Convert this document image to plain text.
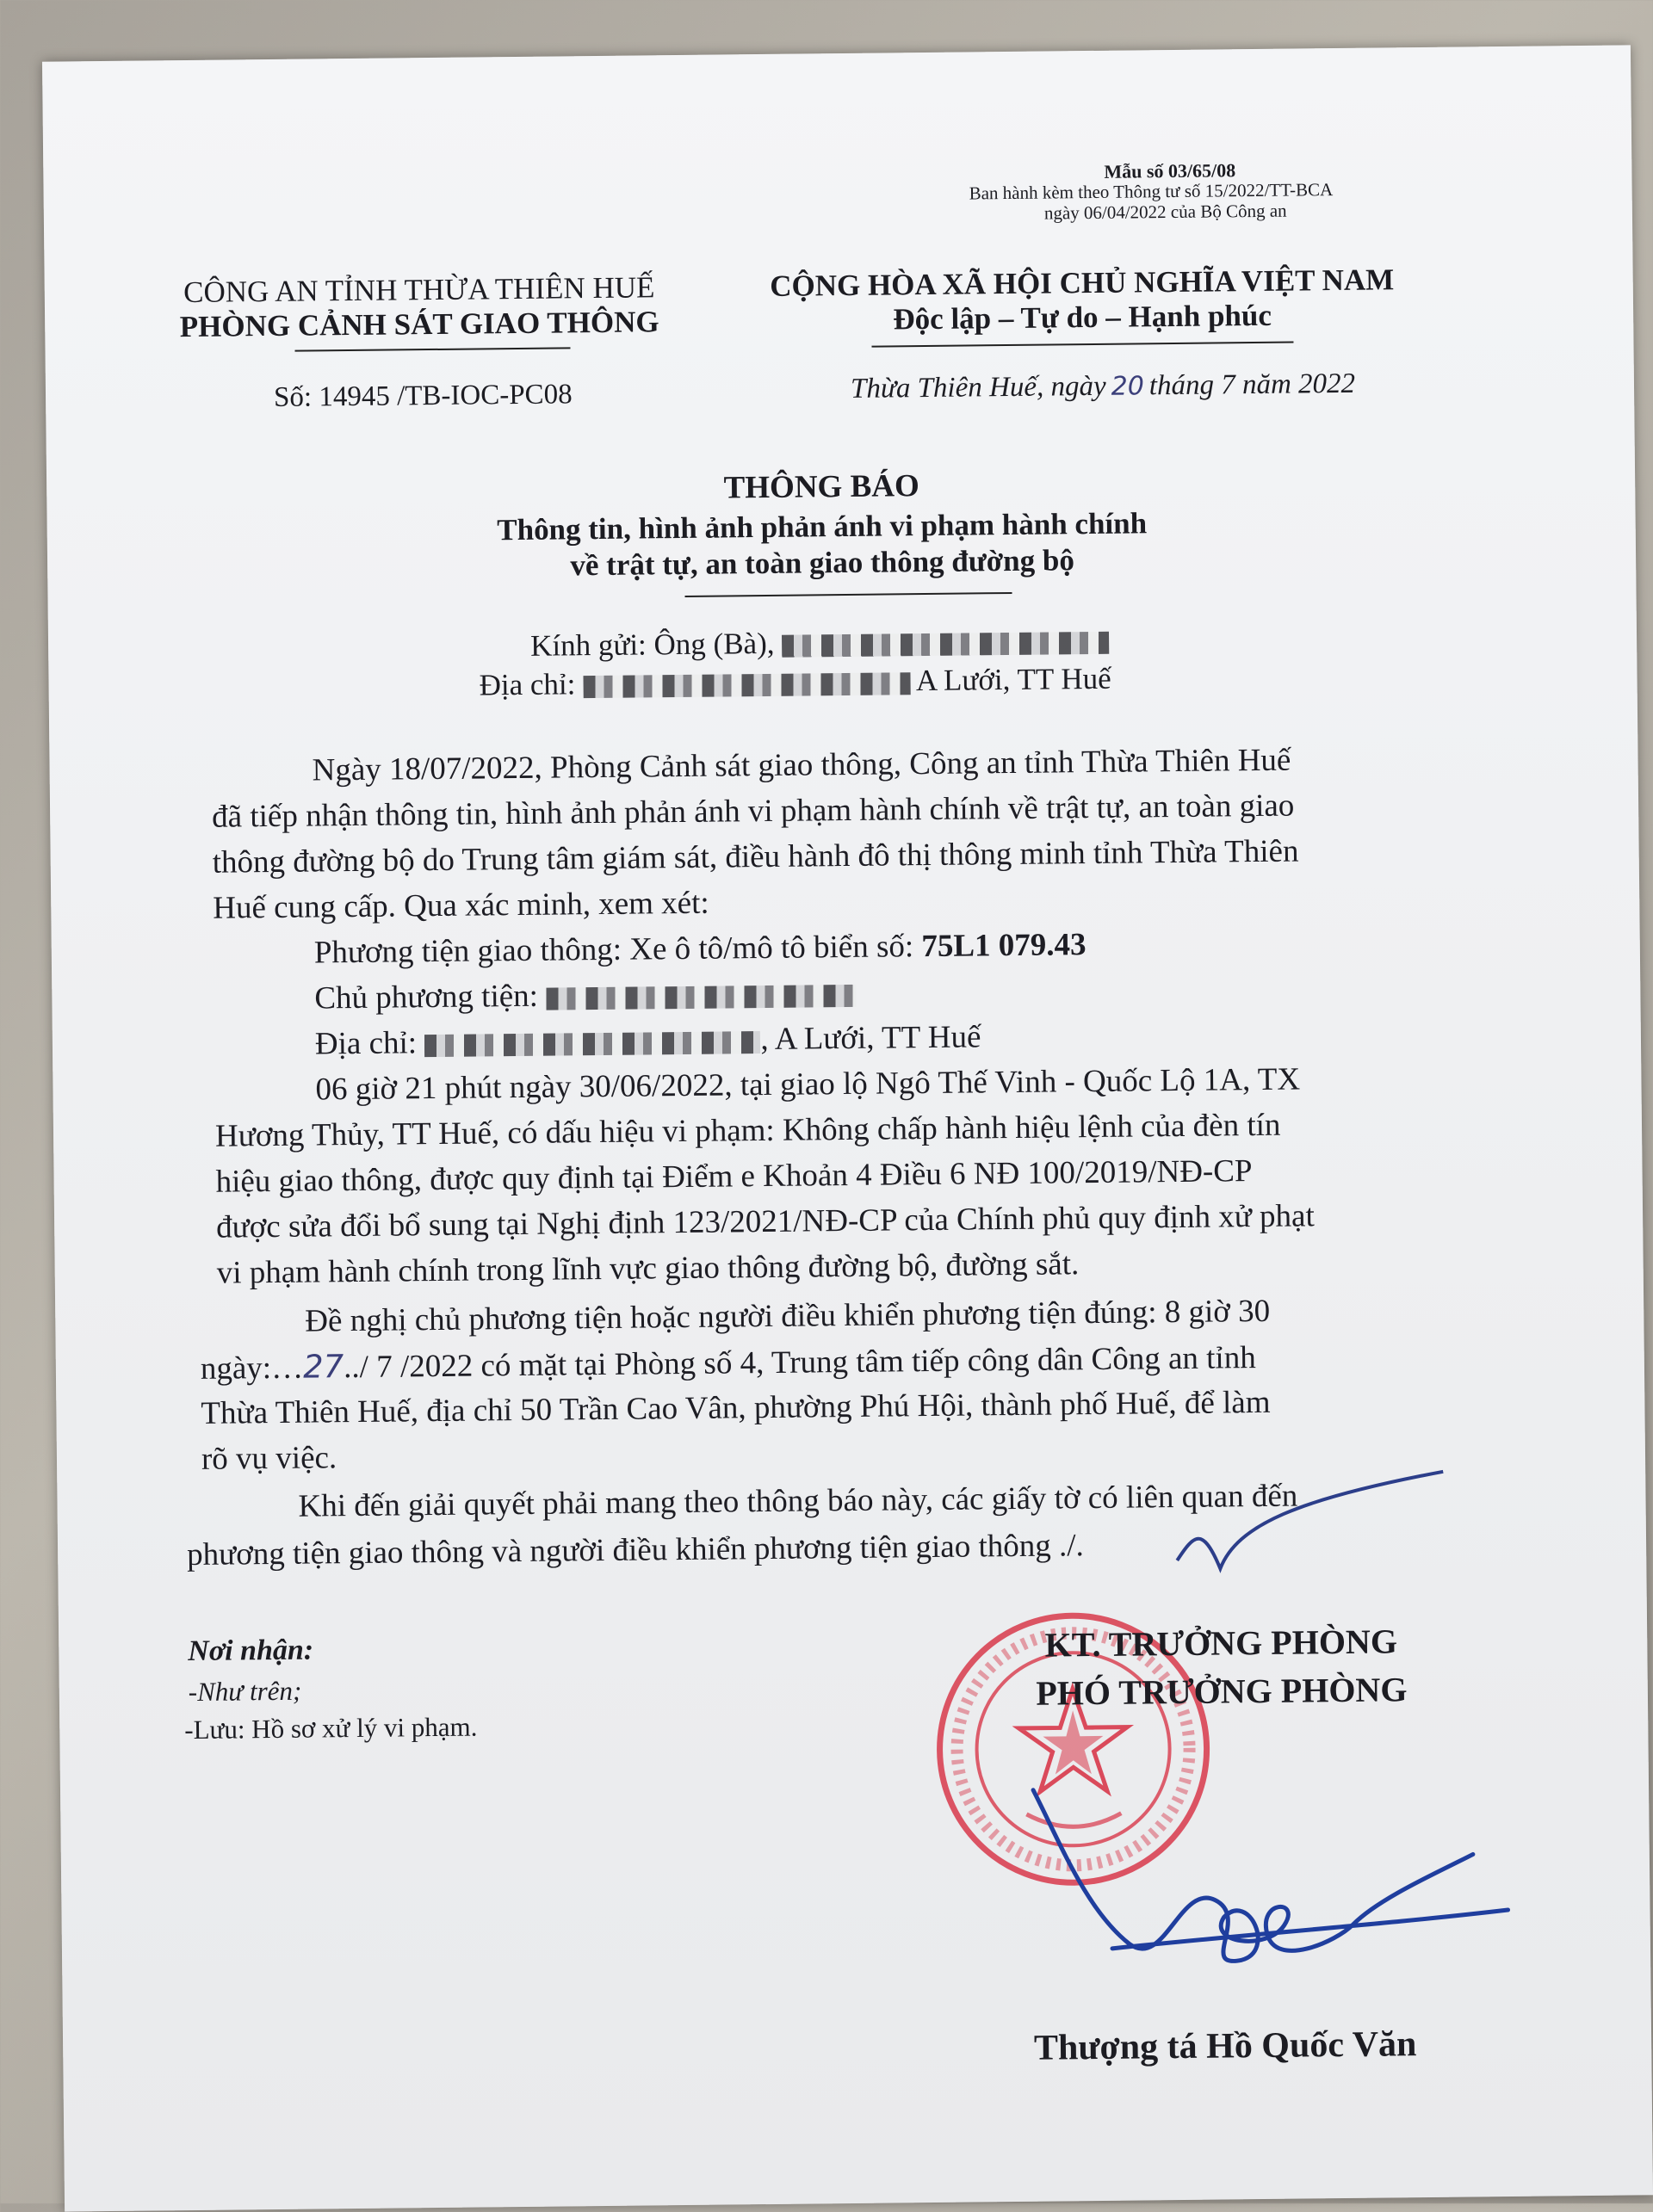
Mẫu số 03/65/08
Ban hành kèm theo Thông tư số 15/2022/TT-BCA
ngày 06/04/2022 của Bộ Công an
CÔNG AN TỈNH THỪA THIÊN HUẾ
PHÒNG CẢNH SÁT GIAO THÔNG
Số: 14945 /TB-IOC-PC08
CỘNG HÒA XÃ HỘI CHỦ NGHĨA VIỆT NAM
Độc lập – Tự do – Hạnh phúc
Thừa Thiên Huế, ngày 20 tháng 7 năm 2022
THÔNG BÁO
Thông tin, hình ảnh phản ánh vi phạm hành chính
về trật tự, an toàn giao thông đường bộ
Kính gửi: Ông (Bà),
Địa chỉ:	A Lưới, TT Huế
Ngày 18/07/2022, Phòng Cảnh sát giao thông, Công an tỉnh Thừa Thiên Huế
đã tiếp nhận thông tin, hình ảnh phản ánh vi phạm hành chính về trật tự, an toàn giao
thông đường bộ do Trung tâm giám sát, điều hành đô thị thông minh tỉnh Thừa Thiên
Huế cung cấp. Qua xác minh, xem xét:
Phương tiện giao thông: Xe ô tô/mô tô biển số: 75L1 079.43
Chủ phương tiện:
Địa chỉ:	, A Lưới, TT Huế
06 giờ 21 phút ngày 30/06/2022, tại giao lộ Ngô Thế Vinh - Quốc Lộ 1A, TX
Hương Thủy, TT Huế, có dấu hiệu vi phạm: Không chấp hành hiệu lệnh của đèn tín
hiệu giao thông, được quy định tại Điểm e Khoản 4 Điều 6 NĐ 100/2019/NĐ-CP
được sửa đổi bổ sung tại Nghị định 123/2021/NĐ-CP của Chính phủ quy định xử phạt
vi phạm hành chính trong lĩnh vực giao thông đường bộ, đường sắt.
Đề nghị chủ phương tiện hoặc người điều khiển phương tiện đúng: 8 giờ 30
ngày:…27../ 7 /2022 có mặt tại Phòng số 4, Trung tâm tiếp công dân Công an tỉnh
Thừa Thiên Huế, địa chỉ 50 Trần Cao Vân, phường Phú Hội, thành phố Huế, để làm
rõ vụ việc.
Khi đến giải quyết phải mang theo thông báo này, các giấy tờ có liên quan đến
phương tiện giao thông và người điều khiển phương tiện giao thông ./.
Nơi nhận:
-Như trên;
-Lưu: Hồ sơ xử lý vi phạm.
KT. TRƯỞNG PHÒNG
PHÓ TRƯỞNG PHÒNG
Thượng tá Hồ Quốc Văn
